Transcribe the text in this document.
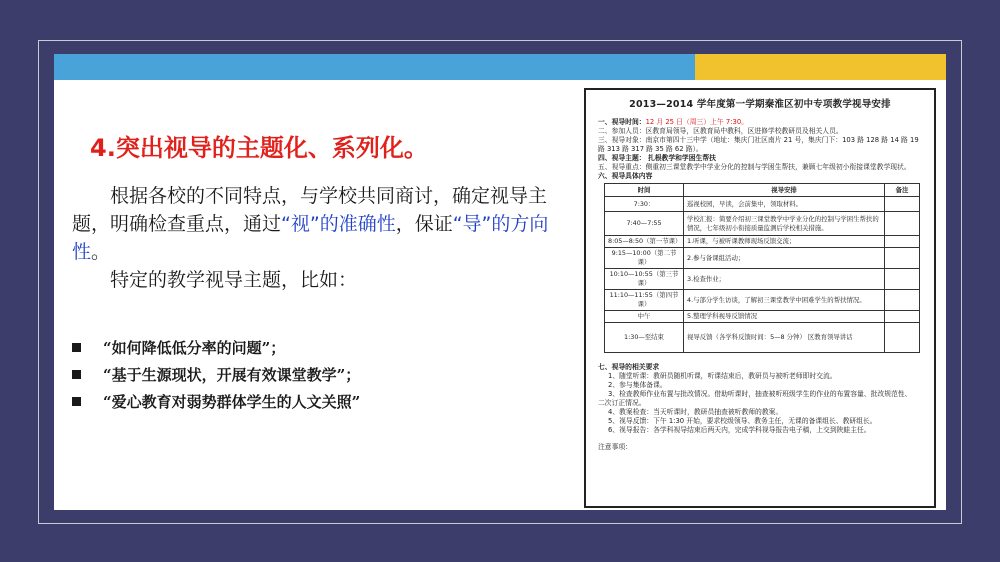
4.突出视导的主题化、系列化。

根据各校的不同特点，与学校共同商讨，确定视导主题，明确检查重点，通过“视”的准确性，保证“导”的方向性。

特定的教学视导主题，比如：

“如何降低低分率的问题”；
“基于生源现状，开展有效课堂教学”；
“爱心教育对弱势群体学生的人文关照”
2013—2014 学年度第一学期秦淮区初中专项教学视导安排
一、视导时间：12 月 25 日（周三）上午 7:30。
二、参加人员：区教育局领导，区教育局中教科，区进修学校教研员及相关人员。
三、视导对象：南京市第四十三中学（地址：集庆门社区南片 21 号，集庆门下：103 路 128 路 14 路 19
路 313 路 317 路 35 路 62 路）。
四、视导主题： 扎根教学和学困生帮扶
五、视导重点：侧重初三课堂教学中学业分化的控制与学困生帮扶，兼顾七年级初小衔接课堂教学现状。
六、视导具体内容
时间	视导安排	备注
7:30：	巡视校园，早读，会前集中，领取材料。	
7:40—7:55	学校汇报：简要介绍初三课堂教学中学业分化的控制与学困生帮扶的情况，七年级初小衔接质量监测后学校相关措施。	
8:05—8:50（第一节课）	1.听课，与被听课教师现场反馈交流；	
9:15—10:00（第二节课）	2.参与备课组活动；	
10:10—10:55（第三节课）	3.检查作业；	
11:10—11:55（第四节课）	4.与部分学生访谈，了解初三课堂教学中困难学生的帮扶情况。	
中午	5.整理学科视导反馈情况	
1:30—至结束	视导反馈（各学科反馈时间：5—8 分钟） 区教育领导讲话	
七、视导的相关要求
1、随堂听课：教研员随机听课，听课结束后，教研员与被听老师即时交流。
2、参与集体备课。
3、检查教师作业布置与批改情况。借助听课时，抽查被听班级学生的作业的布置容量、批改规范性、
二次订正情况。
4、教案检查：当天听课时，教研员抽查被听教师的教案。
5、视导反馈：下午 1:30 开始，要求校级领导、教务主任，无课的备课组长、教研组长。
6、视导报告：各学科视导结束后两天内，完成学科视导报告电子稿，上交到陕蛙主任。
注意事项：
